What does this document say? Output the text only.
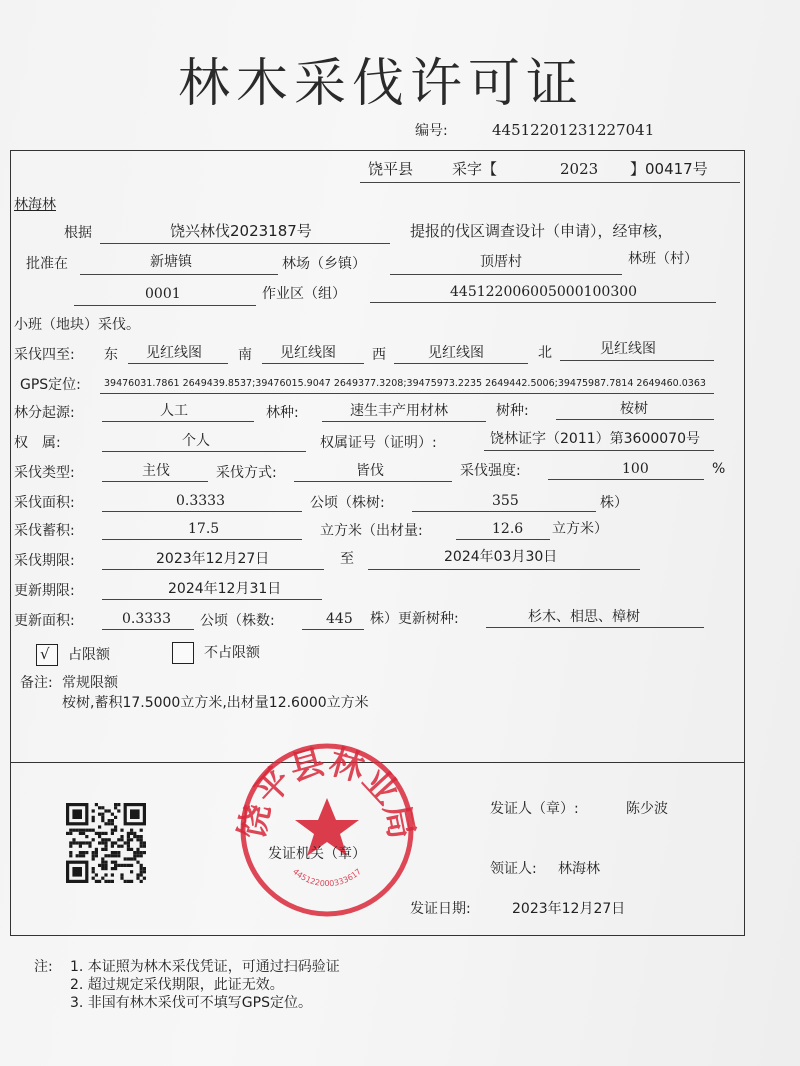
林木采伐许可证
编号:	44512201231227041
饶平县	采字【	2023 】00417号
林海林
根据	饶兴林伐2023187号	提报的伐区调查设计（申请），经审核，
批准在	新塘镇	林场（乡镇）	顶厝村	林班（村）
0001	作业区（组）	445122006005000100300
小班（地块）采伐。
采伐四至: 东 见红线图	南 见红线图	西	见红线图	北	见红线图
GPS定位: 39476031.7861 2649439.8537;39476015.9047 2649377.3208;39475973.2235 2649442.5006;39475987.7814 2649460.0363
林分起源:	人工	林种:	速生丰产用材林	树种:	桉树
权　属:	个人	权属证号（证明）:	饶林证字（2011）第3600070号
采伐类型:	主伐	采伐方式:	皆伐	采伐强度:	100	%
采伐面积:	0.3333	公顷（株树:	355	株）
采伐蓄积:	17.5	立方米（出材量:	12.6 立方米）
采伐期限:	2023年12月27日	至	2024年03月30日
更新期限:	2024年12月31日
更新面积:	0.3333 公顷（株数:	445 株）更新树种:	杉木、相思、樟树
√ 占限额	不占限额
备注: 常规限额
桉树,蓄积17.5000立方米,出材量12.6000立方米
饶平县林业局
445122000333617
发证机关（章）
发证人（章）:	陈少波
领证人: 林海林
发证日期:	2023年12月27日
注: 1. 本证照为林木采伐凭证，可通过扫码验证
2. 超过规定采伐期限，此证无效。
3. 非国有林木采伐可不填写GPS定位。
